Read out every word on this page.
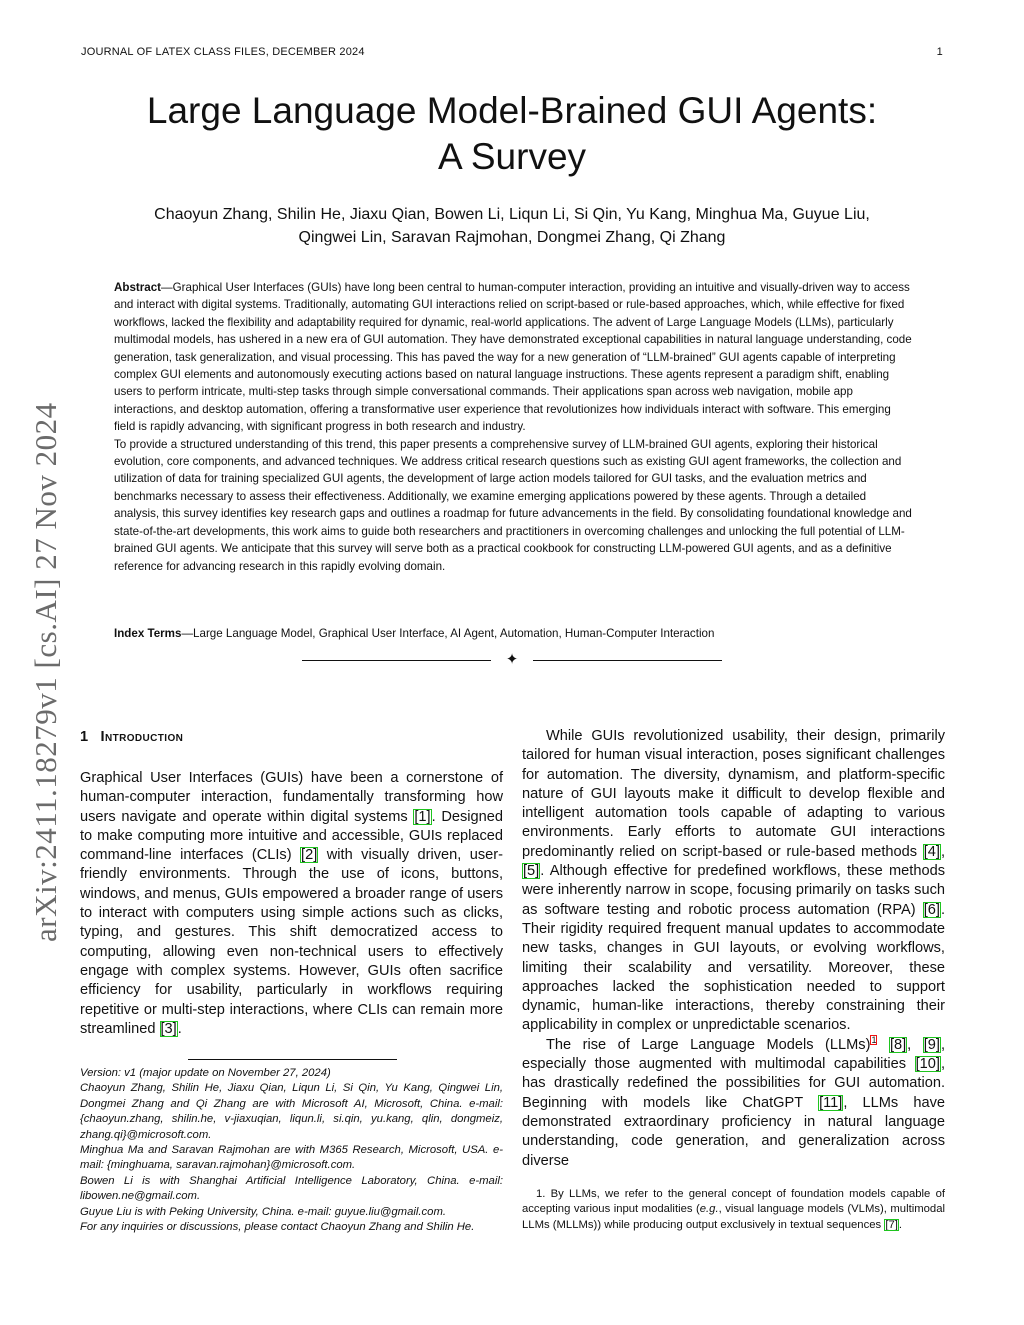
JOURNAL OF LATEX CLASS FILES, DECEMBER 2024	1
Large Language Model-Brained GUI Agents:
A Survey
Chaoyun Zhang, Shilin He, Jiaxu Qian, Bowen Li, Liqun Li, Si Qin, Yu Kang, Minghua Ma, Guyue Liu,
Qingwei Lin, Saravan Rajmohan, Dongmei Zhang, Qi Zhang

Abstract—Graphical User Interfaces (GUIs) have long been central to human-computer interaction, providing an intuitive and visually-driven way to access and interact with digital systems. Traditionally, automating GUI interactions relied on script-based or rule-based approaches, which, while effective for fixed workflows, lacked the flexibility and adaptability required for dynamic, real-world applications. The advent of Large Language Models (LLMs), particularly multimodal models, has ushered in a new era of GUI automation. They have demonstrated exceptional capabilities in natural language understanding, code generation, task generalization, and visual processing. This has paved the way for a new generation of “LLM-brained” GUI agents capable of interpreting complex GUI elements and autonomously executing actions based on natural language instructions. These agents represent a paradigm shift, enabling users to perform intricate, multi-step tasks through simple conversational commands. Their applications span across web navigation, mobile app interactions, and desktop automation, offering a transformative user experience that revolutionizes how individuals interact with software. This emerging field is rapidly advancing, with significant progress in both research and industry.

To provide a structured understanding of this trend, this paper presents a comprehensive survey of LLM-brained GUI agents, exploring their historical evolution, core components, and advanced techniques. We address critical research questions such as existing GUI agent frameworks, the collection and utilization of data for training specialized GUI agents, the development of large action models tailored for GUI tasks, and the evaluation metrics and benchmarks necessary to assess their effectiveness. Additionally, we examine emerging applications powered by these agents. Through a detailed analysis, this survey identifies key research gaps and outlines a roadmap for future advancements in the field. By consolidating foundational knowledge and state-of-the-art developments, this work aims to guide both researchers and practitioners in overcoming challenges and unlocking the full potential of LLM-brained GUI agents. We anticipate that this survey will serve both as a practical cookbook for constructing LLM-powered GUI agents, and as a definitive reference for advancing research in this rapidly evolving domain.

Index Terms—Large Language Model, Graphical User Interface, AI Agent, Automation, Human-Computer Interaction
✦
arXiv:2411.18279v1 [cs.AI] 27 Nov 2024 1 Introduction

Graphical User Interfaces (GUIs) have been a cornerstone of human-computer interaction, fundamentally transforming how users navigate and operate within digital systems [1]. Designed to make computing more intuitive and accessible, GUIs replaced command-line interfaces (CLIs) [2] with visually driven, user-friendly environments. Through the use of icons, buttons, windows, and menus, GUIs empowered a broader range of users to interact with computers using simple actions such as clicks, typing, and gestures. This shift democratized access to computing, allowing even non-technical users to effectively engage with complex systems. However, GUIs often sacrifice efficiency for usability, particularly in workflows requiring repetitive or multi-step interactions, where CLIs can remain more streamlined [3].

Version: v1 (major update on November 27, 2024)

Chaoyun Zhang, Shilin He, Jiaxu Qian, Liqun Li, Si Qin, Yu Kang, Qingwei Lin, Dongmei Zhang and Qi Zhang are with Microsoft AI, Microsoft, China. e-mail: {chaoyun.zhang, shilin.he, v-jiaxuqian, liqun.li, si.qin, yu.kang, qlin, dongmeiz, zhang.qi}@microsoft.com.

Minghua Ma and Saravan Rajmohan are with M365 Research, Microsoft, USA. e-mail: {minghuama, saravan.rajmohan}@microsoft.com.

Bowen Li is with Shanghai Artificial Intelligence Laboratory, China. e-mail: libowen.ne@gmail.com.

Guyue Liu is with Peking University, China. e-mail: guyue.liu@gmail.com.

For any inquiries or discussions, please contact Chaoyun Zhang and Shilin He.

While GUIs revolutionized usability, their design, primarily tailored for human visual interaction, poses significant challenges for automation. The diversity, dynamism, and platform-specific nature of GUI layouts make it difficult to develop flexible and intelligent automation tools capable of adapting to various environments. Early efforts to automate GUI interactions predominantly relied on script-based or rule-based methods [4], [5]. Although effective for predefined workflows, these methods were inherently narrow in scope, focusing primarily on tasks such as software testing and robotic process automation (RPA) [6]. Their rigidity required frequent manual updates to accommodate new tasks, changes in GUI layouts, or evolving workflows, limiting their scalability and versatility. Moreover, these approaches lacked the sophistication needed to support dynamic, human-like interactions, thereby constraining their applicability in complex or unpredictable scenarios.

The rise of Large Language Models (LLMs)$^1$ [8], [9], especially those augmented with multimodal capabilities [10], has drastically redefined the possibilities for GUI automation. Beginning with models like ChatGPT [11], LLMs have demonstrated extraordinary proficiency in natural language understanding, code generation, and generalization across diverse

1. By LLMs, we refer to the general concept of foundation models capable of accepting various input modalities (e.g., visual language models (VLMs), multimodal LLMs (MLLMs)) while producing output exclusively in textual sequences [7].
